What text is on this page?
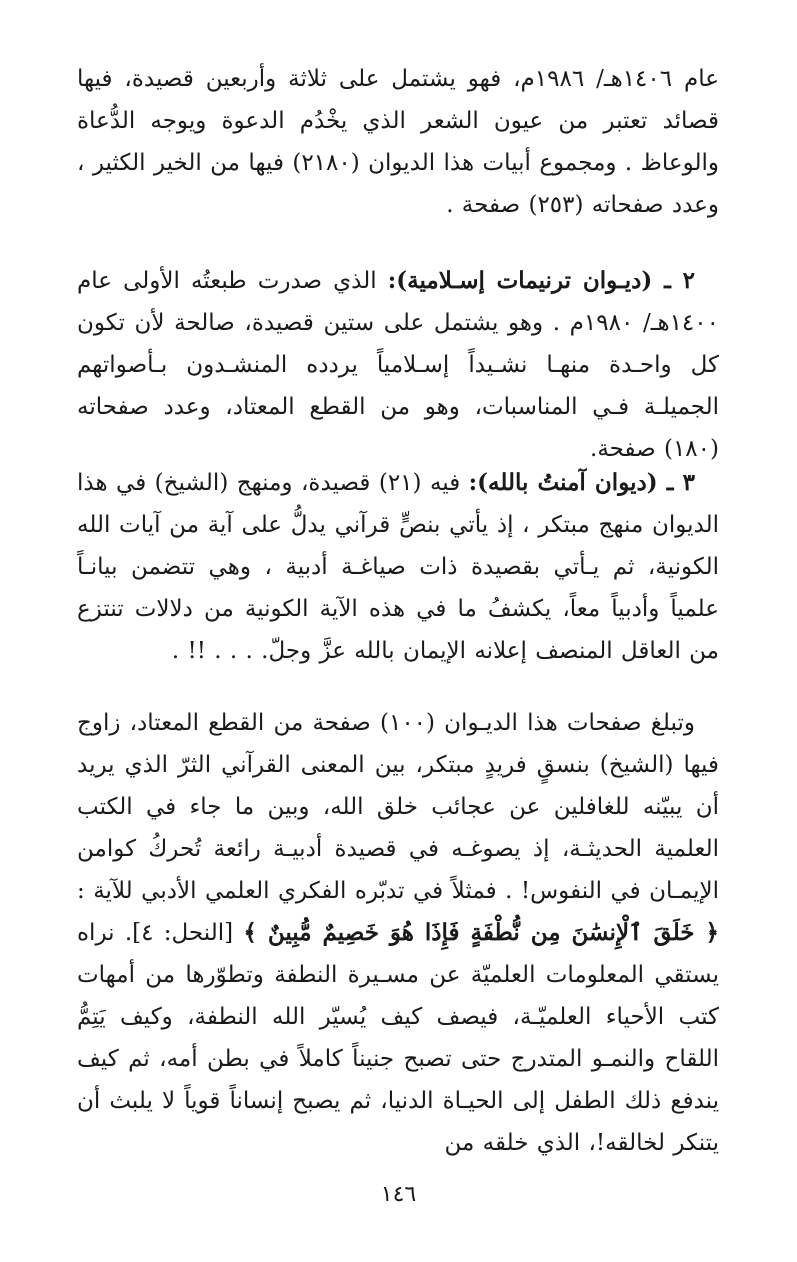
عام ١٤٠٦هـ/ ١٩٨٦م، فهو يشتمل على ثلاثة وأربعين قصيدة، فيها قصائد تعتبر من عيون الشعر الذي يخْدُم الدعوة ويوجه الدُّعاة والوعاظ . ومجموع أبيات هذا الديوان (٢١٨٠) فيها من الخير الكثير ، وعدد صفحاته (٢٥٣) صفحة .

٢ ـ (ديـوان ترنيمات إسـلامية): الذي صدرت طبعتُه الأولى عام ١٤٠٠هـ/ ١٩٨٠م . وهو يشتمل على ستين قصيدة، صالحة لأن تكون كل واحـدة منهـا نشـيداً إسـلامياً يردده المنشـدون بـأصواتهم الجميلـة فـي المناسبات، وهو من القطع المعتاد، وعدد صفحاته (١٨٠) صفحة.

٣ ـ (ديوان آمنتُ بالله): فيه (٢١) قصيدة، ومنهج (الشيخ) في هذا الديوان منهج مبتكر ، إذ يأتي بنصٍّ قرآني يدلُّ على آية من آيات الله الكونية، ثم يـأتي بقصيدة ذات صياغـة أدبية ، وهي تتضمن بيانـاً علمياً وأدبياً معاً، يكشفُ ما في هذه الآية الكونية من دلالات تنتزع من العاقل المنصف إعلانه الإيمان بالله عزَّ وجلّ. . . . !! .

وتبلغ صفحات هذا الديـوان (١٠٠) صفحة من القطع المعتاد، زاوج فيها (الشيخ) بنسقٍ فريدٍ مبتكر، بين المعنى القرآني الثرّ الذي يريد أن يبيّنه للغافلين عن عجائب خلق الله، وبين ما جاء في الكتب العلمية الحديثـة، إذ يصوغـه في قصيدة أدبيـة رائعة تُحركُ كوامن الإيمـان في النفوس! . فمثلاً في تدبّره الفكري العلمي الأدبي للآية : ﴿ خَلَقَ ٱلْإِنسَٰنَ مِن نُّطْفَةٍ فَإِذَا هُوَ خَصِيمٌ مُّبِينٌ ﴾ [النحل: ٤]. نراه يستقي المعلومات العلميّة عن مسـيرة النطفة وتطوّرها من أمهات كتب الأحياء العلميّـة، فيصف كيف يُسيّر الله النطفة، وكيف يَتِمُّ اللقاح والنمـو المتدرج حتى تصبح جنيناً كاملاً في بطن أمه، ثم كيف يندفع ذلك الطفل إلى الحيـاة الدنيا، ثم يصبح إنساناً قوياً لا يلبث أن يتنكر لخالقه!، الذي خلقه من

١٤٦
